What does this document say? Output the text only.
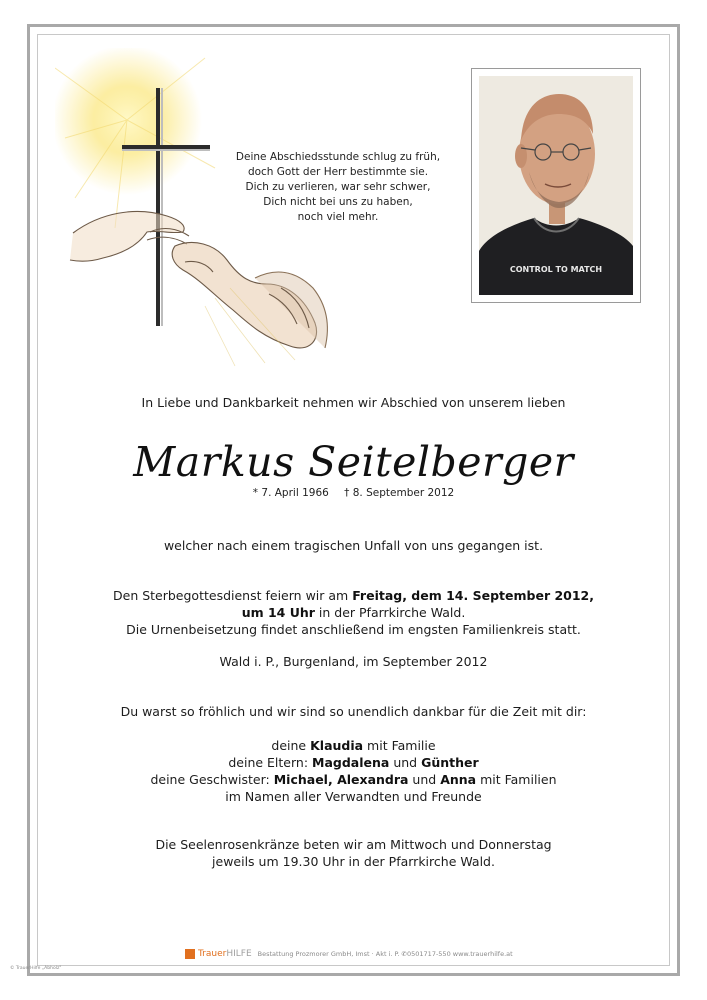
Deine Abschiedsstunde schlug zu früh,
doch Gott der Herr bestimmte sie.
Dich zu verlieren, war sehr schwer,
Dich nicht bei uns zu haben,
noch viel mehr.
CONTROL TO MATCH
In Liebe und Dankbarkeit nehmen wir Abschied von unserem lieben
Markus Seitelberger
* 7. April 1966 † 8. September 2012
welcher nach einem tragischen Unfall von uns gegangen ist.
Den Sterbegottesdienst feiern wir am Freitag, dem 14. September 2012,
um 14 Uhr in der Pfarrkirche Wald.
Die Urnenbeisetzung findet anschließend im engsten Familienkreis statt.
Wald i. P., Burgenland, im September 2012
Du warst so fröhlich und wir sind so unendlich dankbar für die Zeit mit dir:
deine Klaudia mit Familie
deine Eltern: Magdalena und Günther
deine Geschwister: Michael, Alexandra und Anna mit Familien
im Namen aller Verwandten und Freunde
Die Seelenrosenkränze beten wir am Mittwoch und Donnerstag
jeweils um 19.30 Uhr in der Pfarrkirche Wald.
TrauerHILFE Bestattung Prozmorer GmbH, Imst · Akt i. P. ✆0501717-550 www.trauerhilfe.at
© TrauerHilfe „Abholz"
